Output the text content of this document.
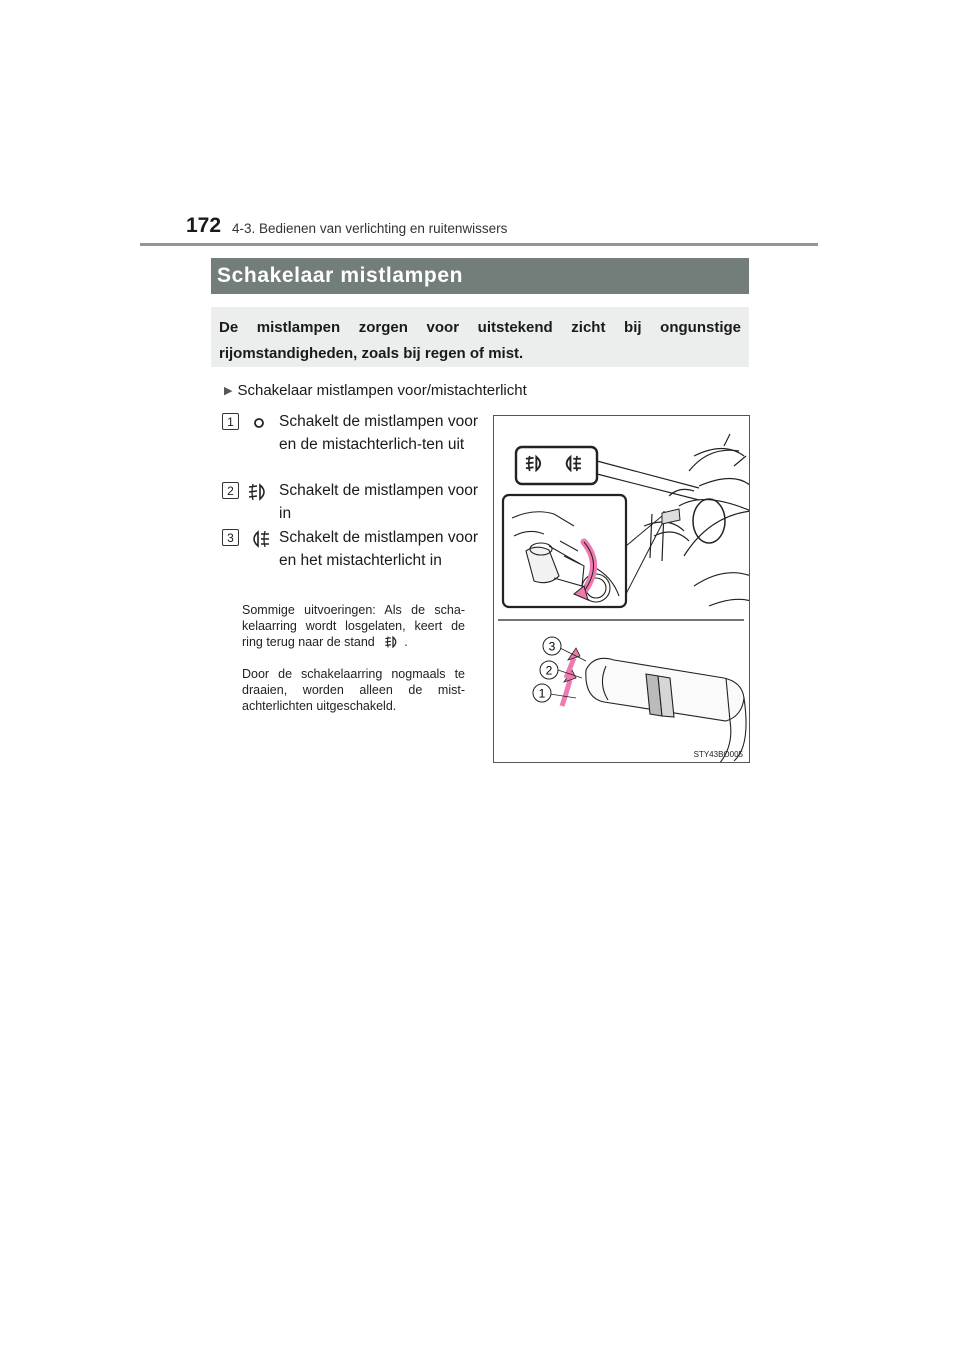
172 4-3. Bedienen van verlichting en ruitenwissers
Schakelaar mistlampen
De mistlampen zorgen voor uitstekend zicht bij ongunstige rijomstandigheden, zoals bij regen of mist.
▶ Schakelaar mistlampen voor/mistachterlicht
1	Schakelt de mistlampen voor en de mistachterlich-ten uit
2	Schakelt de mistlampen voor in
3	Schakelt de mistlampen voor en het mistachterlicht in
Sommige uitvoeringen: Als de scha-kelaarring wordt losgelaten, keert de ring terug naar de stand .
Door de schakelaarring nogmaals te draaien, worden alleen de mist-achterlichten uitgeschakeld.
3
2
1
STY43BO005
